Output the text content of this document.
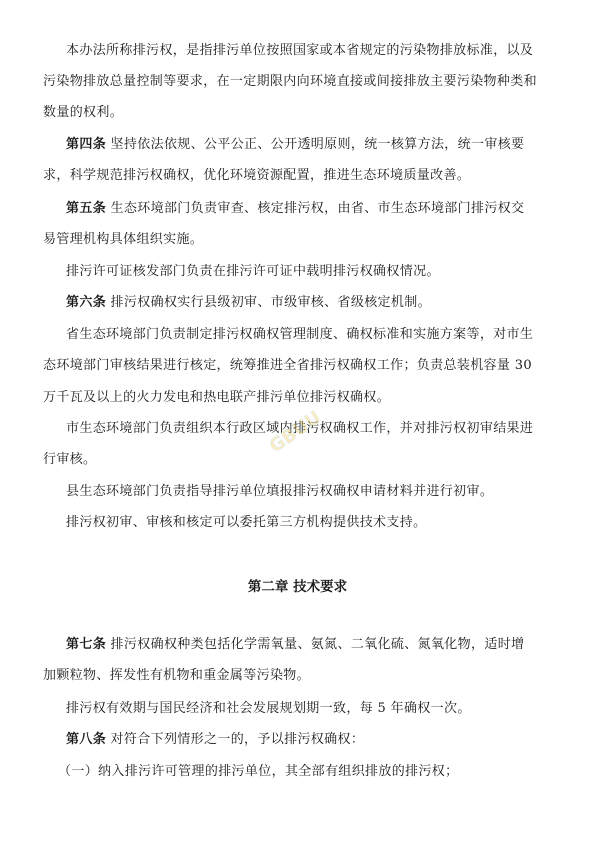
本办法所称排污权，是指排污单位按照国家或本省规定的污染物排放标准，以及
污染物排放总量控制等要求，在一定期限内向环境直接或间接排放主要污染物种类和
数量的权利。
第四条 坚持依法依规、公平公正、公开透明原则，统一核算方法，统一审核要
求，科学规范排污权确权，优化环境资源配置，推进生态环境质量改善。
第五条 生态环境部门负责审查、核定排污权，由省、市生态环境部门排污权交
易管理机构具体组织实施。
排污许可证核发部门负责在排污许可证中载明排污权确权情况。
第六条 排污权确权实行县级初审、市级审核、省级核定机制。
省生态环境部门负责制定排污权确权管理制度、确权标准和实施方案等，对市生
态环境部门审核结果进行核定，统筹推进全省排污权确权工作；负责总装机容量 30
万千瓦及以上的火力发电和热电联产排污单位排污权确权。
市生态环境部门负责组织本行政区域内排污权确权工作，并对排污权初审结果进
行审核。
县生态环境部门负责指导排污单位填报排污权确权申请材料并进行初审。
排污权初审、审核和核定可以委托第三方机构提供技术支持。
第二章 技术要求
第七条 排污权确权种类包括化学需氧量、氨氮、二氧化硫、氮氧化物，适时增
加颗粒物、挥发性有机物和重金属等污染物。
排污权有效期与国民经济和社会发展规划期一致，每 5 年确权一次。
第八条 对符合下列情形之一的，予以排污权确权：
（一）纳入排污许可管理的排污单位，其全部有组织排放的排污权；
GBUU
